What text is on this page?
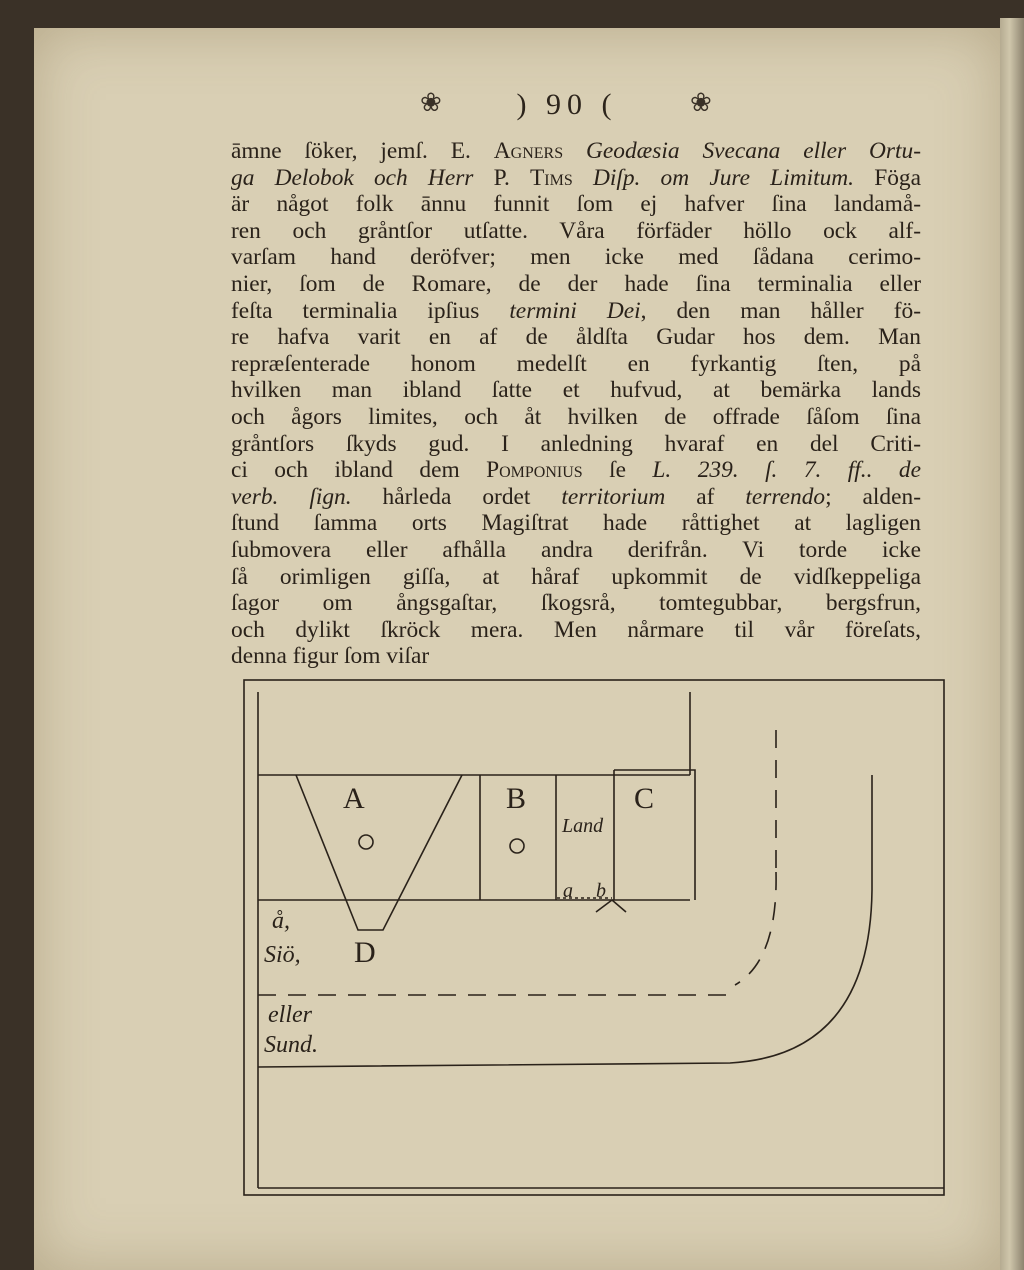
❀	) 90 (	❀
āmne ſöker, jemſ. E. Agners Geodæsia Svecana eller Ortu-
ga Delobok och Herr P. Tims Diſp. om Jure Limitum. Föga
är något folk ānnu funnit ſom ej hafver ſina landamå-
ren och gråntſor utſatte. Våra förfäder höllo ock alf-
varſam hand deröfver; men icke med ſådana cerimo-
nier, ſom de Romare, de der hade ſina terminalia eller
feſta terminalia ipſius termini Dei, den man håller fö-
re hafva varit en af de åldſta Gudar hos dem. Man
repræſenterade honom medelſt en fyrkantig ſten, på
hvilken man ibland ſatte et hufvud, at bemärka lands
och ågors limites, och åt hvilken de offrade ſåſom ſina
gråntſors ſkyds gud. I anledning hvaraf en del Criti-
ci och ibland dem Pomponius ſe L. 239. ſ. 7. ff.. de
verb. ſign. hårleda ordet territorium af terrendo; alden-
ſtund ſamma orts Magiſtrat hade råttighet at lagligen
ſubmovera eller afhålla andra derifrån. Vi torde icke
ſå orimligen giſſa, at håraf upkommit de vidſkeppeliga
ſagor om ångsgaſtar, ſkogsrå, tomtegubbar, bergsfrun,
och dylikt ſkröck mera. Men nårmare til vår föreſats,
denna figur ſom viſar
A	B	C
D
Land
a b
å,
Siö,
eller
Sund.
